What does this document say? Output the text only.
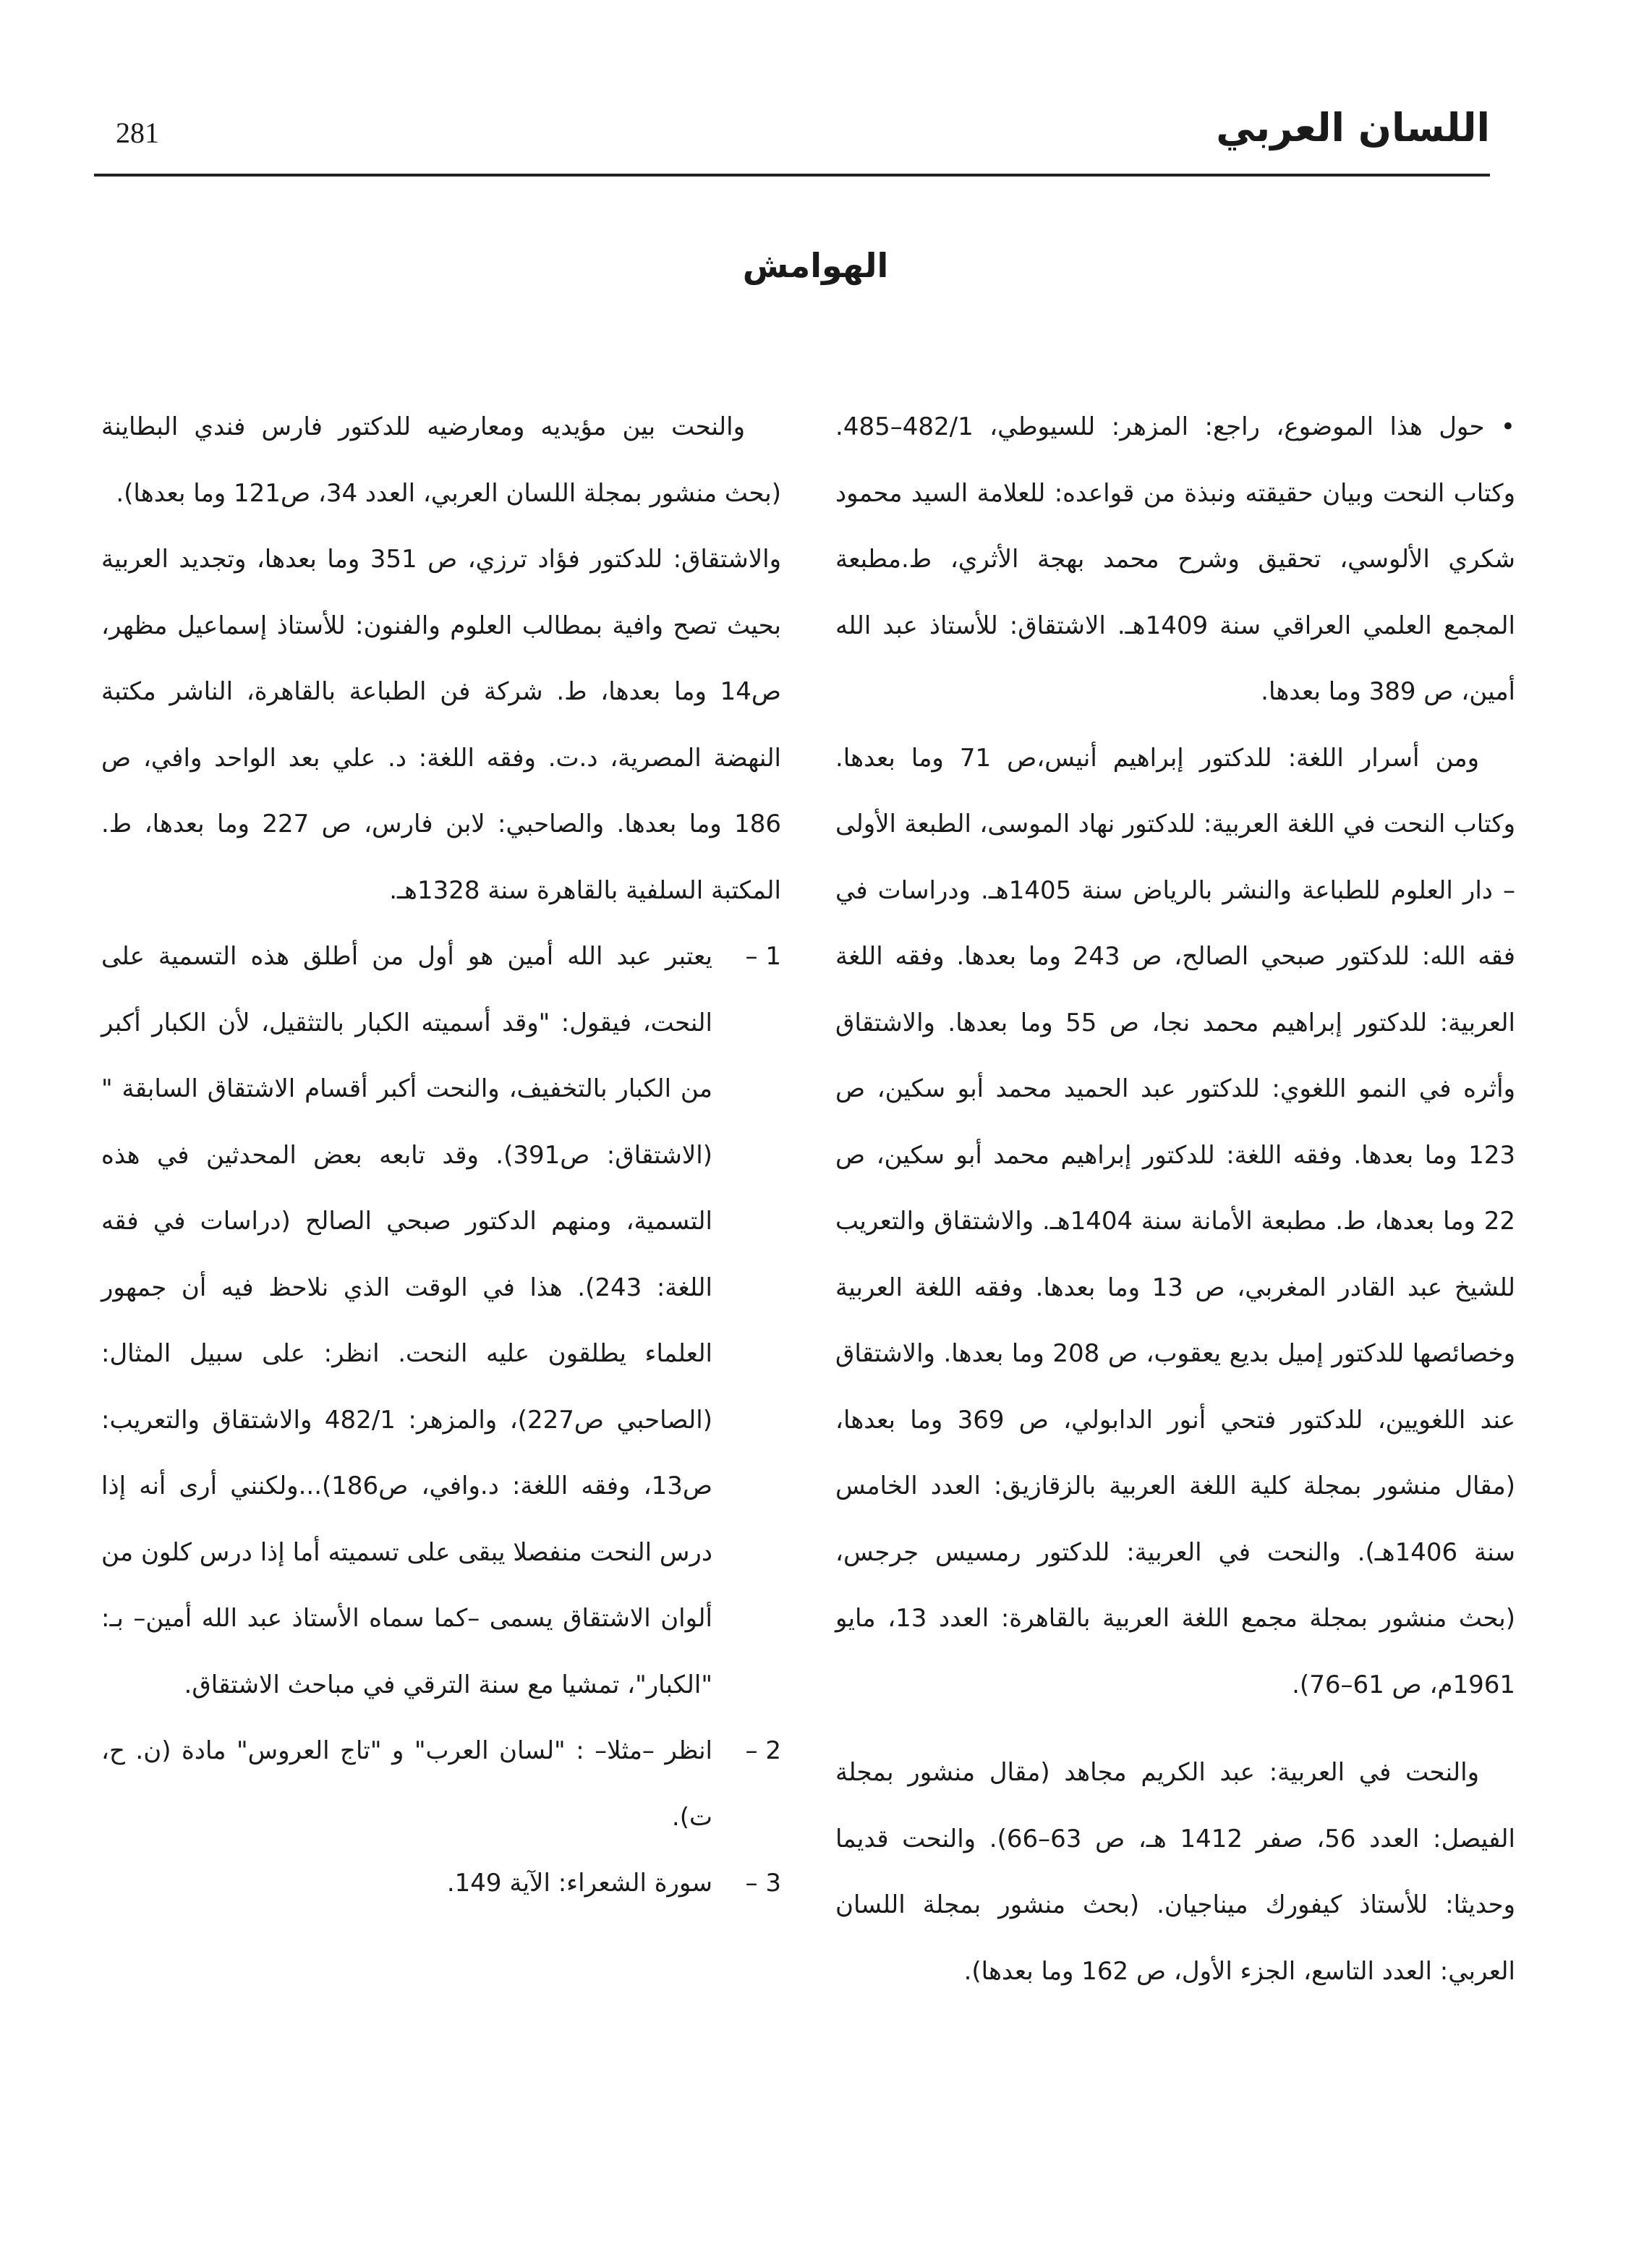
اللسان العربي
281
الهوامش

• حول هذا الموضوع، راجع: المزهر: للسيوطي، 482/1–485. وكتاب النحت وبيان حقيقته ونبذة من قواعده: للعلامة السيد محمود شكري الألوسي، تحقيق وشرح محمد بهجة الأثري، ط.مطبعة المجمع العلمي العراقي سنة 1409هـ. الاشتقاق: للأستاذ عبد الله أمين، ص 389 وما بعدها.

ومن أسرار اللغة: للدكتور إبراهيم أنيس،ص 71 وما بعدها. وكتاب النحت في اللغة العربية: للدكتور نهاد الموسى، الطبعة الأولى – دار العلوم للطباعة والنشر بالرياض سنة 1405هـ. ودراسات في فقه الله: للدكتور صبحي الصالح، ص 243 وما بعدها. وفقه اللغة العربية: للدكتور إبراهيم محمد نجا، ص 55 وما بعدها. والاشتقاق وأثره في النمو اللغوي: للدكتور عبد الحميد محمد أبو سكين، ص 123 وما بعدها. وفقه اللغة: للدكتور إبراهيم محمد أبو سكين، ص 22 وما بعدها، ط. مطبعة الأمانة سنة 1404هـ. والاشتقاق والتعريب للشيخ عبد القادر المغربي، ص 13 وما بعدها. وفقه اللغة العربية وخصائصها للدكتور إميل بديع يعقوب، ص 208 وما بعدها. والاشتقاق عند اللغويين، للدكتور فتحي أنور الدابولي، ص 369 وما بعدها، (مقال منشور بمجلة كلية اللغة العربية بالزقازيق: العدد الخامس سنة 1406هـ). والنحت في العربية: للدكتور رمسيس جرجس، (بحث منشور بمجلة مجمع اللغة العربية بالقاهرة: العدد 13، مايو 1961م، ص 61–76).

والنحت في العربية: عبد الكريم مجاهد (مقال منشور بمجلة الفيصل: العدد 56، صفر 1412 هـ، ص 63–66). والنحت قديما وحديثا: للأستاذ كيفورك ميناجيان. (بحث منشور بمجلة اللسان العربي: العدد التاسع، الجزء الأول، ص 162 وما بعدها).

والنحت بين مؤيديه ومعارضيه للدكتور فارس فندي البطاينة (بحث منشور بمجلة اللسان العربي، العدد 34، ص121 وما بعدها).

والاشتقاق: للدكتور فؤاد ترزي، ص 351 وما بعدها، وتجديد العربية بحيث تصح وافية بمطالب العلوم والفنون: للأستاذ إسماعيل مظهر، ص14 وما بعدها، ط. شركة فن الطباعة بالقاهرة، الناشر مكتبة النهضة المصرية، د.ت. وفقه اللغة: د. علي بعد الواحد وافي، ص 186 وما بعدها. والصاحبي: لابن فارس، ص 227 وما بعدها، ط. المكتبة السلفية بالقاهرة سنة 1328هـ.

1 –
يعتبر عبد الله أمين هو أول من أطلق هذه التسمية على النحت، فيقول: "وقد أسميته الكبار بالتثقيل، لأن الكبار أكبر من الكبار بالتخفيف، والنحت أكبر أقسام الاشتقاق السابقة "(الاشتقاق: ص391). وقد تابعه بعض المحدثين في هذه التسمية، ومنهم الدكتور صبحي الصالح (دراسات في فقه اللغة: 243). هذا في الوقت الذي نلاحظ فيه أن جمهور العلماء يطلقون عليه النحت. انظر: على سبيل المثال: (الصاحبي ص227)، والمزهر: 482/1 والاشتقاق والتعريب: ص13، وفقه اللغة: د.وافي، ص186)...ولكنني أرى أنه إذا درس النحت منفصلا يبقى على تسميته أما إذا درس كلون من ألوان الاشتقاق يسمى –كما سماه الأستاذ عبد الله أمين– بـ: "الكبار"، تمشيا مع سنة الترقي في مباحث الاشتقاق.
2 –
انظر –مثلا– : "لسان العرب" و "تاج العروس" مادة (ن. ح، ت).
3 –
سورة الشعراء: الآية 149.
